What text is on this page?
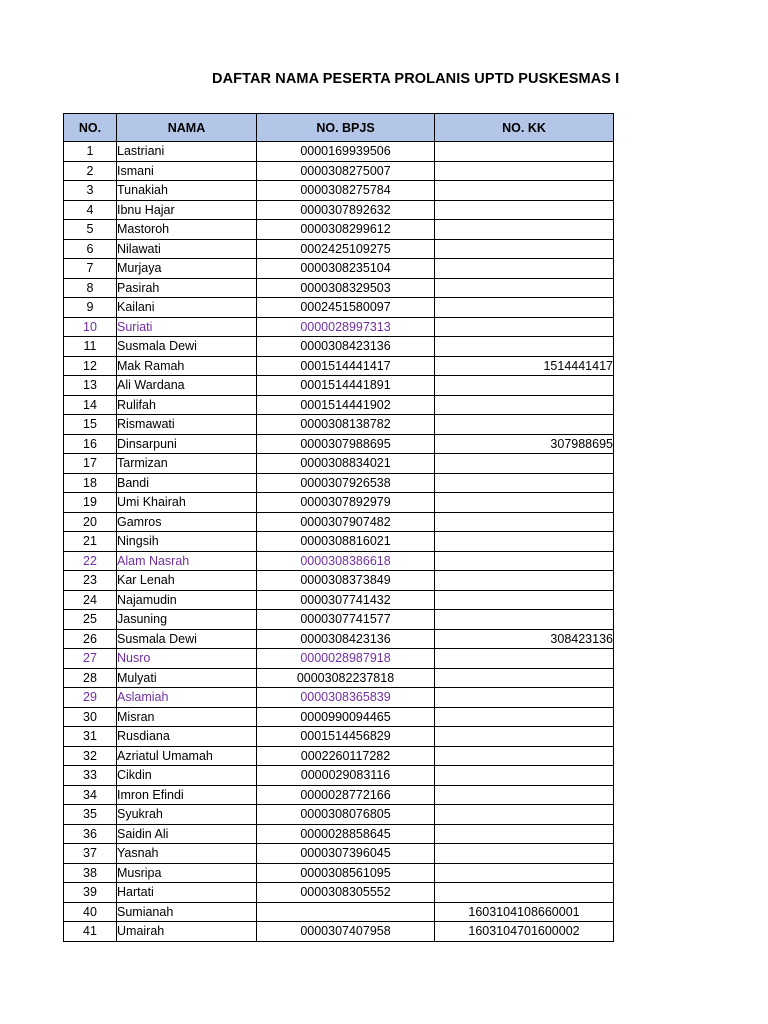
DAFTAR NAMA PESERTA PROLANIS UPTD PUSKESMAS I
NO.	NAMA	NO. BPJS	NO. KK
1	Lastriani	0000169939506	
2	Ismani	0000308275007	
3	Tunakiah	0000308275784	
4	Ibnu Hajar	0000307892632	
5	Mastoroh	0000308299612	
6	Nilawati	0002425109275	
7	Murjaya	0000308235104	
8	Pasirah	0000308329503	
9	Kailani	0002451580097	
10	Suriati	0000028997313	
11	Susmala Dewi	0000308423136	
12	Mak Ramah	0001514441417	1514441417
13	Ali Wardana	0001514441891	
14	Rulifah	0001514441902	
15	Rismawati	0000308138782	
16	Dinsarpuni	0000307988695	307988695
17	Tarmizan	0000308834021	
18	Bandi	0000307926538	
19	Umi Khairah	0000307892979	
20	Gamros	0000307907482	
21	Ningsih	0000308816021	
22	Alam Nasrah	0000308386618	
23	Kar Lenah	0000308373849	
24	Najamudin	0000307741432	
25	Jasuning	0000307741577	
26	Susmala Dewi	0000308423136	308423136
27	Nusro	0000028987918	
28	Mulyati	00003082237818	
29	Aslamiah	0000308365839	
30	Misran	0000990094465	
31	Rusdiana	0001514456829	
32	Azriatul Umamah	0002260117282	
33	Cikdin	0000029083116	
34	Imron Efindi	0000028772166	
35	Syukrah	0000308076805	
36	Saidin Ali	0000028858645	
37	Yasnah	0000307396045	
38	Musripa	0000308561095	
39	Hartati	0000308305552	
40	Sumianah		1603104108660001
41	Umairah	0000307407958	1603104701600002
